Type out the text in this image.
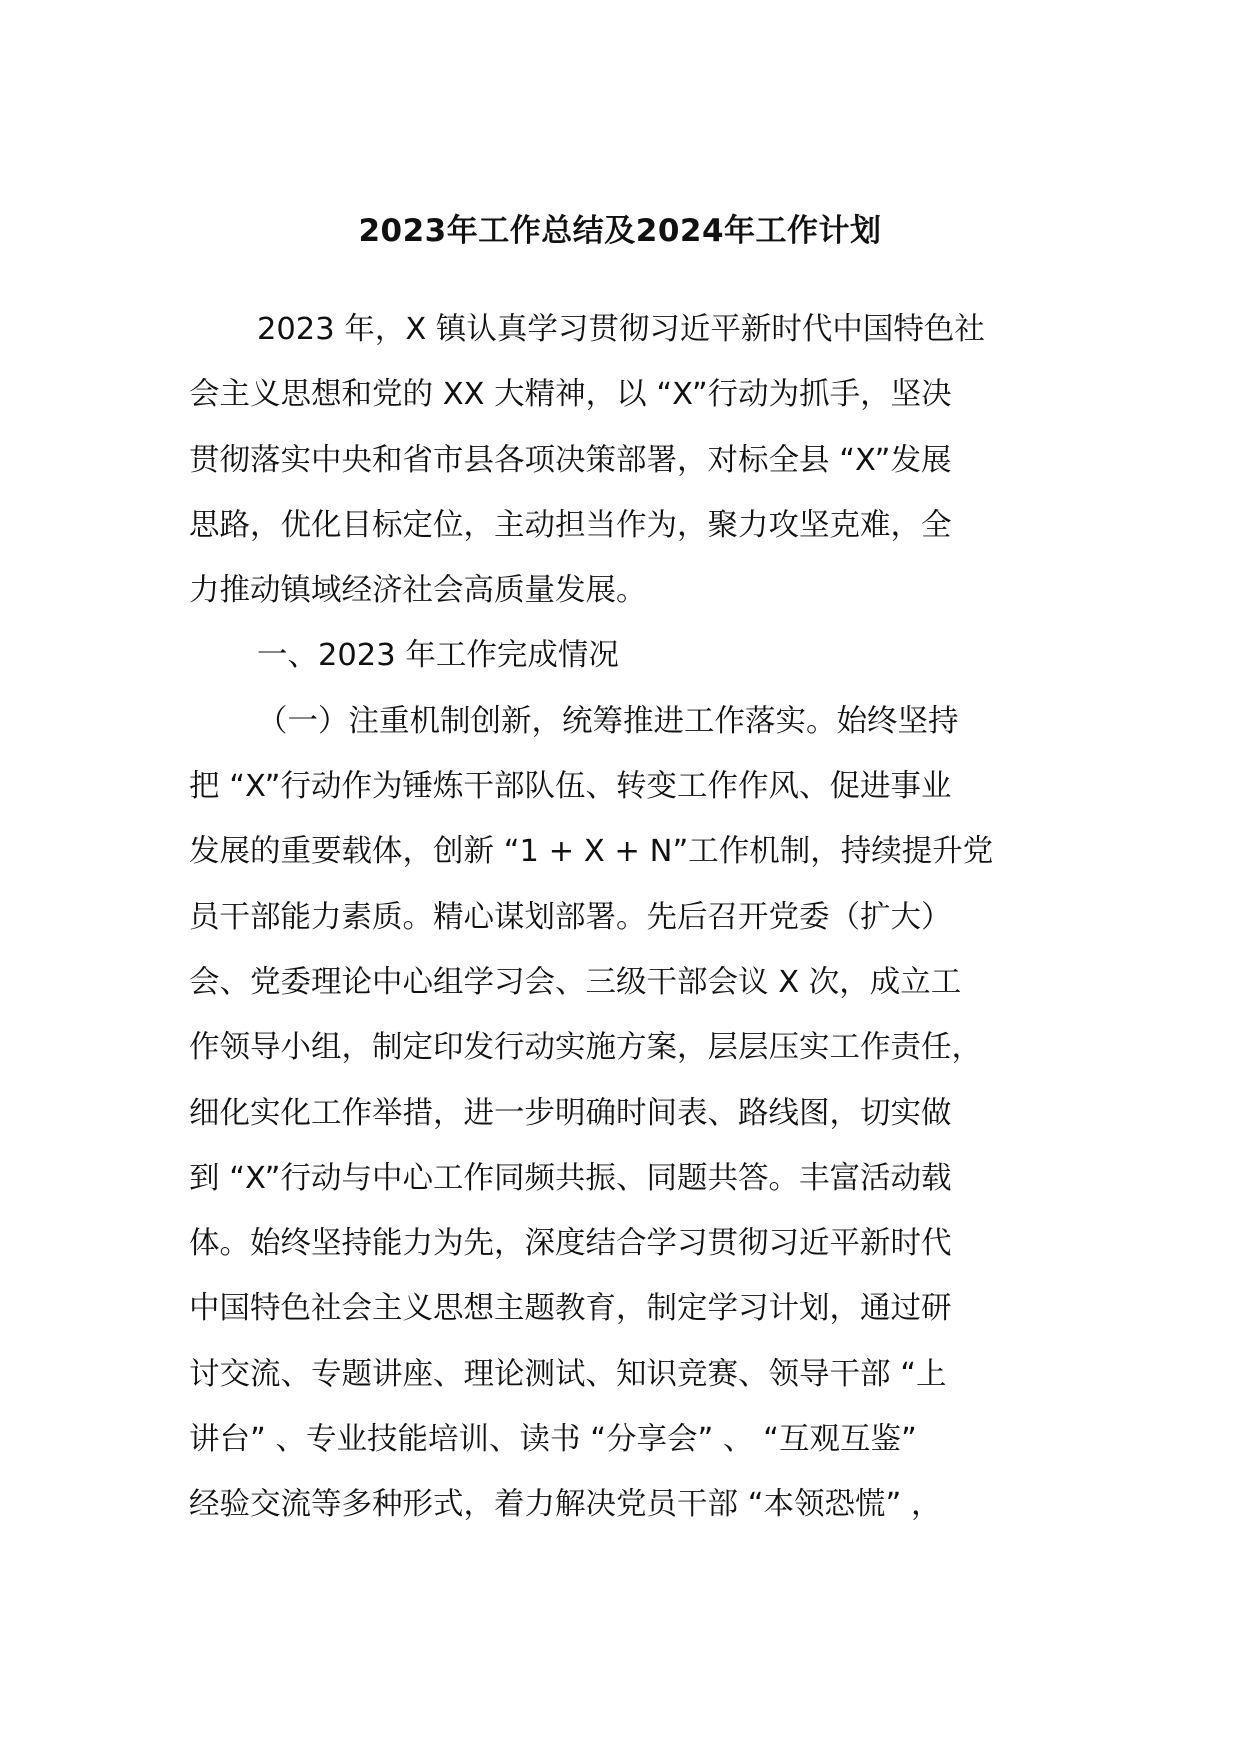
2023年工作总结及2024年工作计划
2023 年，X 镇认真学习贯彻习近平新时代中国特色社
会主义思想和党的 XX 大精神，以 “X”行动为抓手，坚决
贯彻落实中央和省市县各项决策部署，对标全县 “X”发展
思路，优化目标定位，主动担当作为，聚力攻坚克难，全
力推动镇域经济社会高质量发展。
一、2023 年工作完成情况
（一）注重机制创新，统筹推进工作落实。始终坚持
把 “X”行动作为锤炼干部队伍、转变工作作风、促进事业
发展的重要载体，创新 “1 + X + N”工作机制，持续提升党
员干部能力素质。精心谋划部署。先后召开党委（扩大）
会、党委理论中心组学习会、三级干部会议 X 次，成立工
作领导小组，制定印发行动实施方案，层层压实工作责任，
细化实化工作举措，进一步明确时间表、路线图，切实做
到 “X”行动与中心工作同频共振、同题共答。丰富活动载
体。始终坚持能力为先，深度结合学习贯彻习近平新时代
中国特色社会主义思想主题教育，制定学习计划，通过研
讨交流、专题讲座、理论测试、知识竞赛、领导干部 “上
讲台” 、专业技能培训、读书 “分享会” 、 “互观互鉴”
经验交流等多种形式，着力解决党员干部 “本领恐慌” ，
